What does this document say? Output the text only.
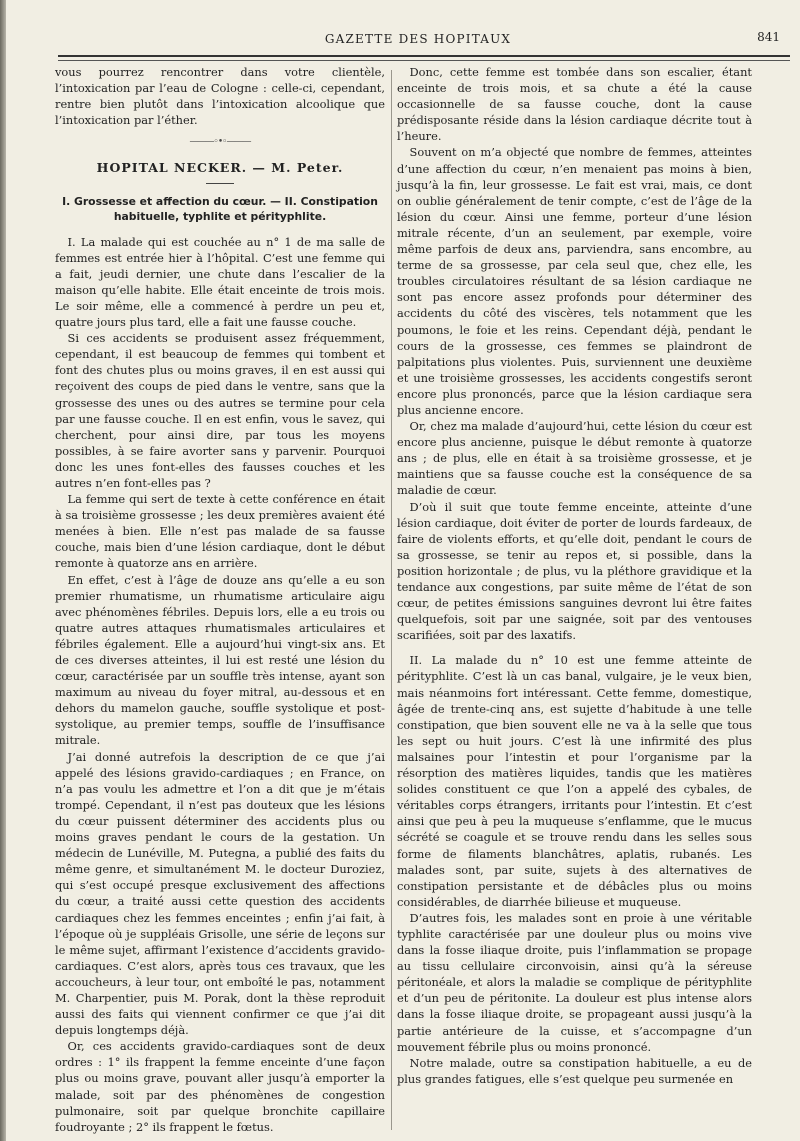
GAZETTE DES HOPITAUX	841

vous pourrez rencontrer dans votre clientèle, l’intoxication par l’eau de Cologne : celle-ci, cependant, rentre bien plutôt dans l’intoxication alcoolique que l’intoxication par l’éther.

———◦•◦———
HOPITAL NECKER. — M. Peter.
I. Grossesse et affection du cœur. — II. Constipation habituelle, typhlite et pérityphlite.

I. La malade qui est couchée au n° 1 de ma salle de femmes est entrée hier à l’hôpital. C’est une femme qui a fait, jeudi dernier, une chute dans l’escalier de la maison qu’elle habite. Elle était enceinte de trois mois. Le soir même, elle a commencé à perdre un peu et, quatre jours plus tard, elle a fait une fausse couche.

Si ces accidents se produisent assez fréquemment, cependant, il est beaucoup de femmes qui tombent et font des chutes plus ou moins graves, il en est aussi qui reçoivent des coups de pied dans le ventre, sans que la grossesse des unes ou des autres se termine pour cela par une fausse couche. Il en est enfin, vous le savez, qui cherchent, pour ainsi dire, par tous les moyens possibles, à se faire avorter sans y parvenir. Pourquoi donc les unes font-elles des fausses couches et les autres n’en font-elles pas ?

La femme qui sert de texte à cette conférence en était à sa troisième grossesse ; les deux premières avaient été menées à bien. Elle n’est pas malade de sa fausse couche, mais bien d’une lésion cardiaque, dont le début remonte à quatorze ans en arrière.

En effet, c’est à l’âge de douze ans qu’elle a eu son premier rhumatisme, un rhumatisme articulaire aigu avec phénomènes fébriles. Depuis lors, elle a eu trois ou quatre autres attaques rhumatismales articulaires et fébriles également. Elle a aujourd’hui vingt-six ans. Et de ces diverses atteintes, il lui est resté une lésion du cœur, caractérisée par un souffle très intense, ayant son maximum au niveau du foyer mitral, au-dessous et en dehors du mamelon gauche, souffle systolique et post-systolique, au premier temps, souffle de l’insuffisance mitrale.

J’ai donné autrefois la description de ce que j’ai appelé des lésions gravido-cardiaques ; en France, on n’a pas voulu les admettre et l’on a dit que je m’étais trompé. Cependant, il n’est pas douteux que les lésions du cœur puissent déterminer des accidents plus ou moins graves pendant le cours de la gestation. Un médecin de Lunéville, M. Putegna, a publié des faits du même genre, et simultanément M. le docteur Duroziez, qui s’est occupé presque exclusivement des affections du cœur, a traité aussi cette question des accidents cardiaques chez les femmes enceintes ; enfin j’ai fait, à l’époque où je suppléais Grisolle, une série de leçons sur le même sujet, affirmant l’existence d’accidents gravido-cardiaques. C’est alors, après tous ces travaux, que les accoucheurs, à leur tour, ont emboîté le pas, notamment M. Charpentier, puis M. Porak, dont la thèse reproduit aussi des faits qui viennent confirmer ce que j’ai dit depuis longtemps déjà.

Or, ces accidents gravido-cardiaques sont de deux ordres : 1° ils frappent la femme enceinte d’une façon plus ou moins grave, pouvant aller jusqu’à emporter la malade, soit par des phénomènes de congestion pulmonaire, soit par quelque bronchite capillaire foudroyante ; 2° ils frappent le fœtus.

Donc, cette femme est tombée dans son escalier, étant enceinte de trois mois, et sa chute a été la cause occasionnelle de sa fausse couche, dont la cause prédisposante réside dans la lésion cardiaque décrite tout à l’heure.

Souvent on m’a objecté que nombre de femmes, atteintes d’une affection du cœur, n’en menaient pas moins à bien, jusqu’à la fin, leur grossesse. Le fait est vrai, mais, ce dont on oublie généralement de tenir compte, c’est de l’âge de la lésion du cœur. Ainsi une femme, porteur d’une lésion mitrale récente, d’un an seulement, par exemple, voire même parfois de deux ans, parviendra, sans encombre, au terme de sa grossesse, par cela seul que, chez elle, les troubles circulatoires résultant de sa lésion cardiaque ne sont pas encore assez profonds pour déterminer des accidents du côté des viscères, tels notamment que les poumons, le foie et les reins. Cependant déjà, pendant le cours de la grossesse, ces femmes se plaindront de palpitations plus violentes. Puis, surviennent une deuxième et une troisième grossesses, les accidents congestifs seront encore plus prononcés, parce que la lésion cardiaque sera plus ancienne encore.

Or, chez ma malade d’aujourd’hui, cette lésion du cœur est encore plus ancienne, puisque le début remonte à quatorze ans ; de plus, elle en était à sa troisième grossesse, et je maintiens que sa fausse couche est la conséquence de sa maladie de cœur.

D’où il suit que toute femme enceinte, atteinte d’une lésion cardiaque, doit éviter de porter de lourds fardeaux, de faire de violents efforts, et qu’elle doit, pendant le cours de sa grossesse, se tenir au repos et, si possible, dans la position horizontale ; de plus, vu la pléthore gravidique et la tendance aux congestions, par suite même de l’état de son cœur, de petites émissions sanguines devront lui être faites quelquefois, soit par une saignée, soit par des ventouses scarifiées, soit par des laxatifs.

II. La malade du n° 10 est une femme atteinte de pérityphlite. C’est là un cas banal, vulgaire, je le veux bien, mais néanmoins fort intéressant. Cette femme, domestique, âgée de trente-cinq ans, est sujette d’habitude à une telle constipation, que bien souvent elle ne va à la selle que tous les sept ou huit jours. C’est là une infirmité des plus malsaines pour l’intestin et pour l’organisme par la résorption des matières liquides, tandis que les matières solides constituent ce que l’on a appelé des cybales, de véritables corps étrangers, irritants pour l’intestin. Et c’est ainsi que peu à peu la muqueuse s’enflamme, que le mucus sécrété se coagule et se trouve rendu dans les selles sous forme de filaments blanchâtres, aplatis, rubanés. Les malades sont, par suite, sujets à des alternatives de constipation persistante et de débâcles plus ou moins considérables, de diarrhée bilieuse et muqueuse.

D’autres fois, les malades sont en proie à une véritable typhlite caractérisée par une douleur plus ou moins vive dans la fosse iliaque droite, puis l’inflammation se propage au tissu cellulaire circonvoisin, ainsi qu’à la séreuse péritonéale, et alors la maladie se complique de pérityphlite et d’un peu de péritonite. La douleur est plus intense alors dans la fosse iliaque droite, se propageant aussi jusqu’à la partie antérieure de la cuisse, et s’accompagne d’un mouvement fébrile plus ou moins prononcé.

Notre malade, outre sa constipation habituelle, a eu de plus grandes fatigues, elle s’est quelque peu surmenée en
